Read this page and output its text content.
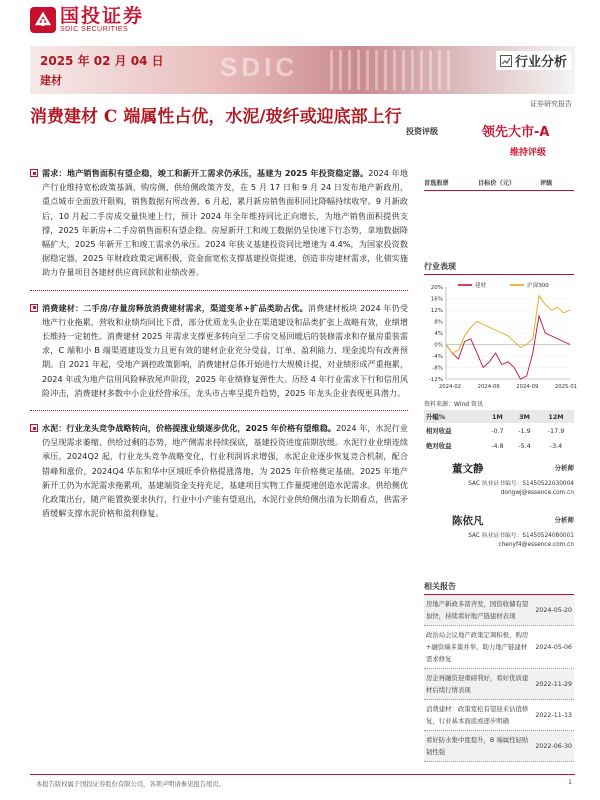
国投证券
SDIC SECURITIES
SDIC
2025 年 02 月 04 日
建材
行业分析
证券研究报告
消费建材 C 端属性占优，水泥/玻纤或迎底部上行
投资评级	领先大市-A
维持评级

需求：地产销售面积有望企稳，竣工和新开工需求仍承压，基建为 2025 年投资稳定器。2024 年地产行业维持宽松政策基调，购房侧、供给侧政策齐发，在 5 月 17 日和 9 月 24 日发布地产新政用，重点城市全面放开限购，销售数据有所改善，6 月起，累月新房销售面积同比降幅持续收窄。9 月新政后，10 月起二手房成交量快速上行，预计 2024 年全年维持同比正向增长，为地产销售面积提供支撑，2025 年新房+二手房销售面积有望企稳。房屋新开工和竣工数据仍呈快速下行态势，拿地数据降幅扩大，2025 年新开工和竣工需求仍承压。2024 年狭义基建投资同比增速为 4.4%，为国家投资数据稳定器，2025 年财政政策定调积极，资金面宽松支撑基建投资提速，创造非房建材需求，化债实施助力存量项目各建材供应商回款和业绩改善。

消费建材：二手房/存量房释放消费建材需求，渠道变革+扩品类助占优。消费建材板块 2024 年仍受地产行业拖累，营收和业绩均同比下滑，部分优质龙头企业在渠道建设和品类扩张上战略有效，业绩增长维持一定韧性。消费建材 2025 年需求支撑更多转向至二手房交易回暖后的装修需求和存量房重装需求，C 端和小 B 端渠道建设发力且更有效的建材企业充分受益，订单、盈利能力、现金流均有改善预期。自 2021 年起，受地产调控政策影响，消费建材总体开始进行大规模计提，对业绩形成严重拖累，2024 年或为地产信用风险释放尾声阶段，2025 年业绩修复弹性大。历经 4 年行业需求下行和信用风险冲击，消费建材多数中小企业经营承压，龙头市占率呈提升趋势，2025 年龙头企业表现更具潜力。

水泥：行业龙头竞争战略转向，价格提涨业绩逐步优化，2025 年价格有望维稳。2024 年，水泥行业仍呈现需求萎缩、供给过剩的态势，地产侧需求持续探底，基建投资进度前期放缓。水泥行业业绩连续承压，2024Q2 起，行业龙头竞争战略变化，行业利润诉求增强，水泥企业逐步恢复竞合机制，配合错峰和涨价，2024Q4 华东和华中区域旺季价格提涨落地，为 2025 年价格奠定基础。2025 年地产新开工仍为水泥需求拖累项，基建端资金支持充足，基建项目实物工作量提速创造水泥需求。供给侧优化政策出台，随产能置换要求执行，行业中小产能有望退出，水泥行业供给侧出清为长期看点，供需矛盾缓解支撑水泥价格和盈利修复。

首选股票	目标价（元）	评级
行业表现
20%
16%
12%
8%
4%
0%
-4%
-8%
-12%
2024-02	2024-06	2024-09	2025-01
建材	沪深300
资料来源：Wind 资讯
升幅%	1M	3M	12M
相对收益	-0.7	-1.9	-17.9
绝对收益	-4.8	-5.4	-3.4
董文静	分析师
SAC 执业证书编号：S1450522030004
dongwj@essence.com.cn
陈依凡	分析师
SAC 执业证书编号：S1450524080001
chenyf4@essence.com.cn
相关报告
房地产新政多箭齐发，国资收储有望加快，持续看好地产链建材表现
2024-05-20
政治局会议地产政策定调积极，购房+融资端多策并举，助力地产链建材需求修复
2024-05-06
房企再融资迎重磅利好，看好优质建材后续行情表现
2022-11-29
消费建材：政策宽松有望迎来估值修复，行业基本面底或逐步明确
2022-11-13
看好防水集中度提升，B 端属性轻贴韧性强
2022-06-30
本报告版权属于国投证券股份有限公司，各项声明请参见报告尾页。	1
